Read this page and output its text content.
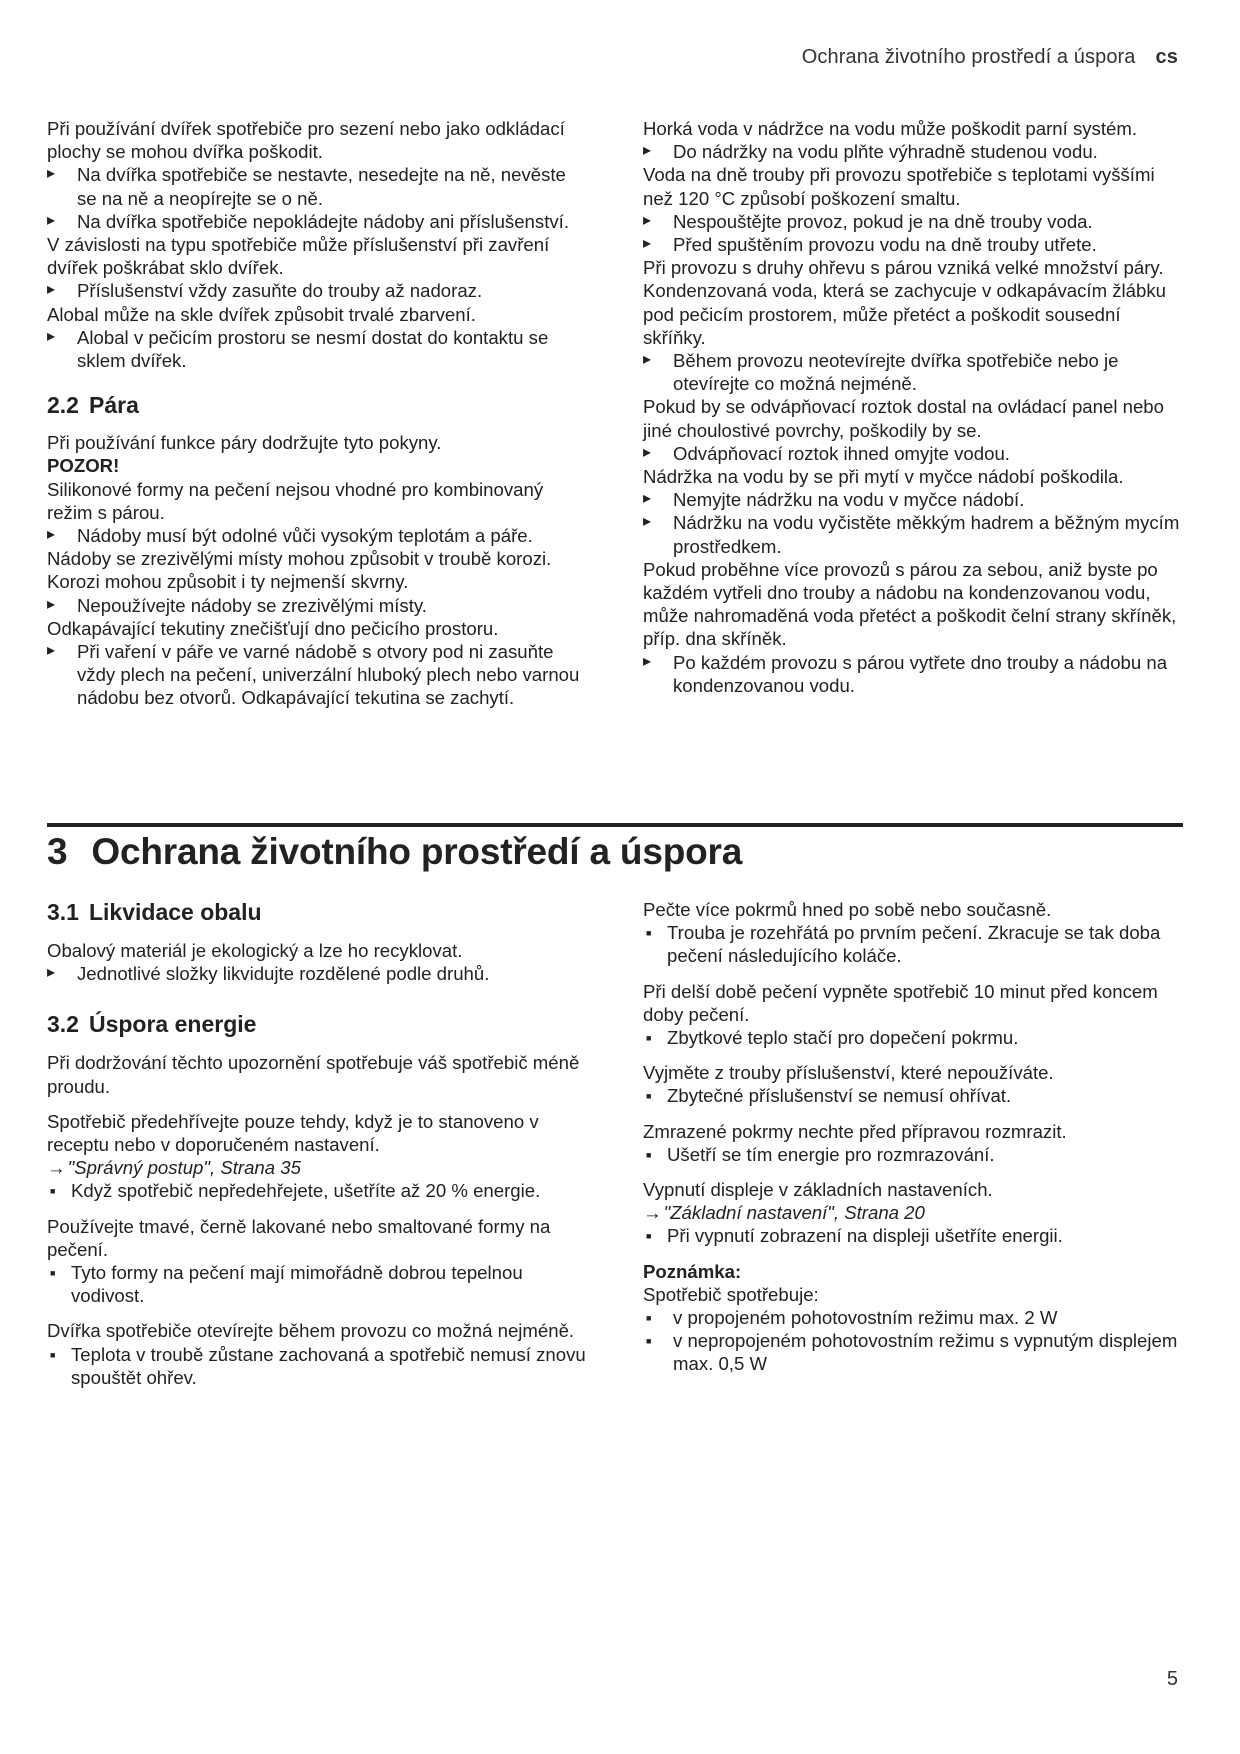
Ochrana životního prostředí a úspora cs

Při používání dvířek spotřebiče pro sezení nebo jako odkládací plochy se mohou dvířka poškodit.

▸ Na dvířka spotřebiče se nestavte, nesedejte na ně, nevěste se na ně a neopírejte se o ně.

▸ Na dvířka spotřebiče nepokládejte nádoby ani příslušenství.

V závislosti na typu spotřebiče může příslušenství při zavření dvířek poškrábat sklo dvířek.

▸ Příslušenství vždy zasuňte do trouby až nadoraz.

Alobal může na skle dvířek způsobit trvalé zbarvení.

▸ Alobal v pečicím prostoru se nesmí dostat do kontaktu se sklem dvířek.

2.2 Pára

Při používání funkce páry dodržujte tyto pokyny.

POZOR!

Silikonové formy na pečení nejsou vhodné pro kombinovaný režim s párou.

▸ Nádoby musí být odolné vůči vysokým teplotám a páře.

Nádoby se zrezivělými místy mohou způsobit v troubě korozi. Korozi mohou způsobit i ty nejmenší skvrny.

▸ Nepoužívejte nádoby se zrezivělými místy.

Odkapávající tekutiny znečišťují dno pečicího prostoru.

▸ Při vaření v páře ve varné nádobě s otvory pod ni zasuňte vždy plech na pečení, univerzální hluboký plech nebo varnou nádobu bez otvorů. Odkapávající tekutina se zachytí.

Horká voda v nádržce na vodu může poškodit parní systém.

▸ Do nádržky na vodu plňte výhradně studenou vodu.

Voda na dně trouby při provozu spotřebiče s teplotami vyššími než 120 °C způsobí poškození smaltu.

▸ Nespouštějte provoz, pokud je na dně trouby voda.

▸ Před spuštěním provozu vodu na dně trouby utřete.

Při provozu s druhy ohřevu s párou vzniká velké množství páry. Kondenzovaná voda, která se zachycuje v odkapávacím žlábku pod pečicím prostorem, může přetéct a poškodit sousední skříňky.

▸ Během provozu neotevírejte dvířka spotřebiče nebo je otevírejte co možná nejméně.

Pokud by se odvápňovací roztok dostal na ovládací panel nebo jiné choulostivé povrchy, poškodily by se.

▸ Odvápňovací roztok ihned omyjte vodou.

Nádržka na vodu by se při mytí v myčce nádobí poškodila.

▸ Nemyjte nádržku na vodu v myčce nádobí.

▸ Nádržku na vodu vyčistěte měkkým hadrem a běžným mycím prostředkem.

Pokud proběhne více provozů s párou za sebou, aniž byste po každém vytřeli dno trouby a nádobu na kondenzovanou vodu, může nahromaděná voda přetéct a poškodit čelní strany skříněk, příp. dna skříněk.

▸ Po každém provozu s párou vytřete dno trouby a nádobu na kondenzovanou vodu.

3 Ochrana životního prostředí a úspora

3.1 Likvidace obalu

Obalový materiál je ekologický a lze ho recyklovat.

▸ Jednotlivé složky likvidujte rozdělené podle druhů.

3.2 Úspora energie

Při dodržování těchto upozornění spotřebuje váš spotřebič méně proudu.

Spotřebič předehřívejte pouze tehdy, když je to stanoveno v receptu nebo v doporučeném nastavení.

→ "Správný postup", Strana 35

■ Když spotřebič nepředehřejete, ušetříte až 20 % energie.

Používejte tmavé, černě lakované nebo smaltované formy na pečení.

■ Tyto formy na pečení mají mimořádně dobrou tepelnou vodivost.

Dvířka spotřebiče otevírejte během provozu co možná nejméně.

■ Teplota v troubě zůstane zachovaná a spotřebič nemusí znovu spouštět ohřev.

Pečte více pokrmů hned po sobě nebo současně.

■ Trouba je rozehřátá po prvním pečení. Zkracuje se tak doba pečení následujícího koláče.

Při delší době pečení vypněte spotřebič 10 minut před koncem doby pečení.

■ Zbytkové teplo stačí pro dopečení pokrmu.

Vyjměte z trouby příslušenství, které nepoužíváte.

■ Zbytečné příslušenství se nemusí ohřívat.

Zmrazené pokrmy nechte před přípravou rozmrazit.

■ Ušetří se tím energie pro rozmrazování.

Vypnutí displeje v základních nastaveních.

→ "Základní nastavení", Strana 20

■ Při vypnutí zobrazení na displeji ušetříte energii.

Poznámka:

Spotřebič spotřebuje:

■ v propojeném pohotovostním režimu max. 2 W

■ v nepropojeném pohotovostním režimu s vypnutým displejem max. 0,5 W

5
